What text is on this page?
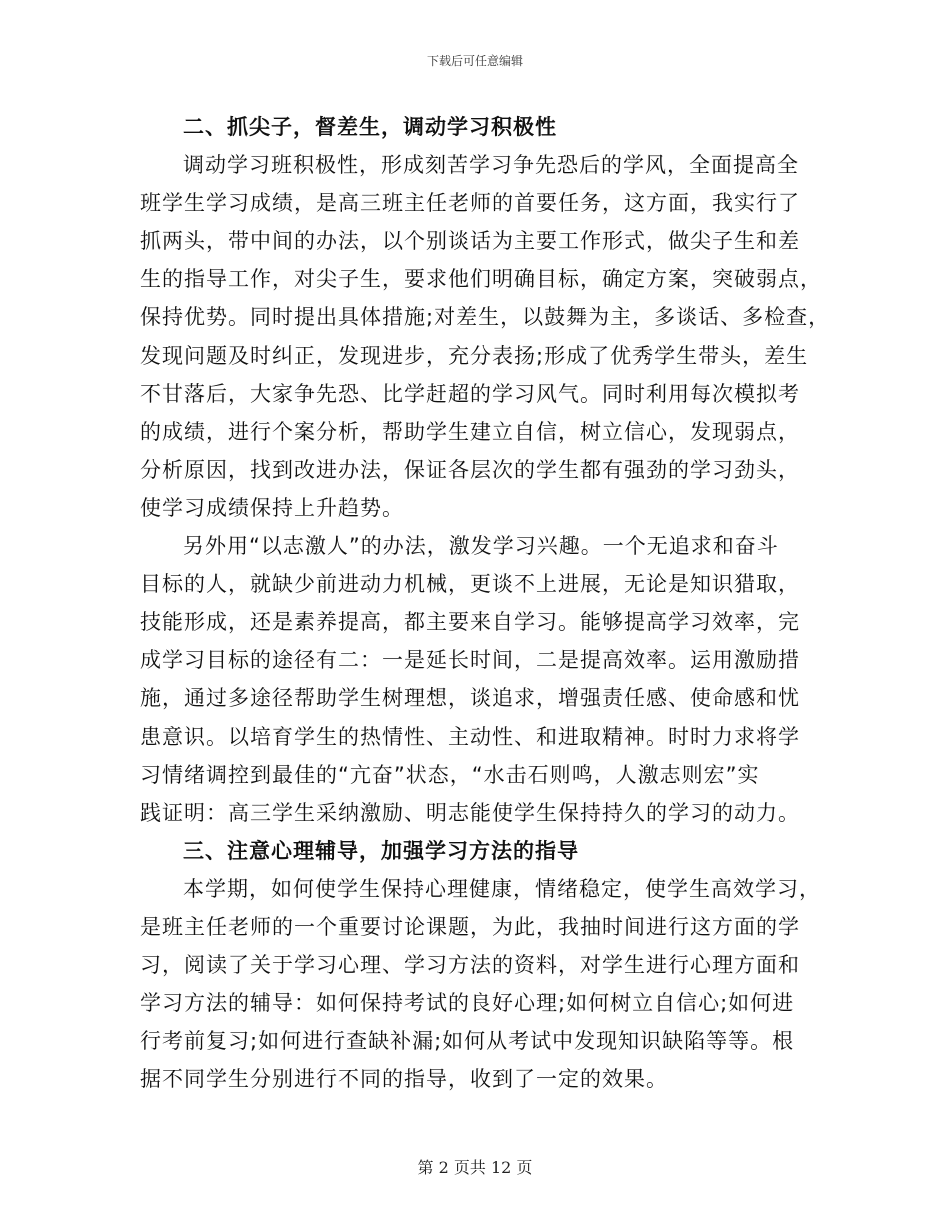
下载后可任意编辑
二、抓尖子，督差生，调动学习积极性
调动学习班积极性，形成刻苦学习争先恐后的学风，全面提高全
班学生学习成绩，是高三班主任老师的首要任务，这方面，我实行了
抓两头，带中间的办法，以个别谈话为主要工作形式，做尖子生和差
生的指导工作，对尖子生，要求他们明确目标，确定方案，突破弱点，
保持优势。同时提出具体措施;对差生，以鼓舞为主，多谈话、多检查，
发现问题及时纠正，发现进步，充分表扬;形成了优秀学生带头，差生
不甘落后，大家争先恐、比学赶超的学习风气。同时利用每次模拟考
的成绩，进行个案分析，帮助学生建立自信，树立信心，发现弱点，
分析原因，找到改进办法，保证各层次的学生都有强劲的学习劲头，
使学习成绩保持上升趋势。
另外用“以志激人”的办法，激发学习兴趣。一个无追求和奋斗
目标的人，就缺少前进动力机械，更谈不上进展，无论是知识猎取，
技能形成，还是素养提高，都主要来自学习。能够提高学习效率，完
成学习目标的途径有二：一是延长时间，二是提高效率。运用激励措
施，通过多途径帮助学生树理想，谈追求，增强责任感、使命感和忧
患意识。以培育学生的热情性、主动性、和进取精神。时时力求将学
习情绪调控到最佳的“亢奋”状态，“水击石则鸣，人激志则宏”实
践证明：高三学生采纳激励、明志能使学生保持持久的学习的动力。
三、注意心理辅导，加强学习方法的指导
本学期，如何使学生保持心理健康，情绪稳定，使学生高效学习，
是班主任老师的一个重要讨论课题，为此，我抽时间进行这方面的学
习，阅读了关于学习心理、学习方法的资料，对学生进行心理方面和
学习方法的辅导：如何保持考试的良好心理;如何树立自信心;如何进
行考前复习;如何进行查缺补漏;如何从考试中发现知识缺陷等等。根
据不同学生分别进行不同的指导，收到了一定的效果。
第 2 页共 12 页
